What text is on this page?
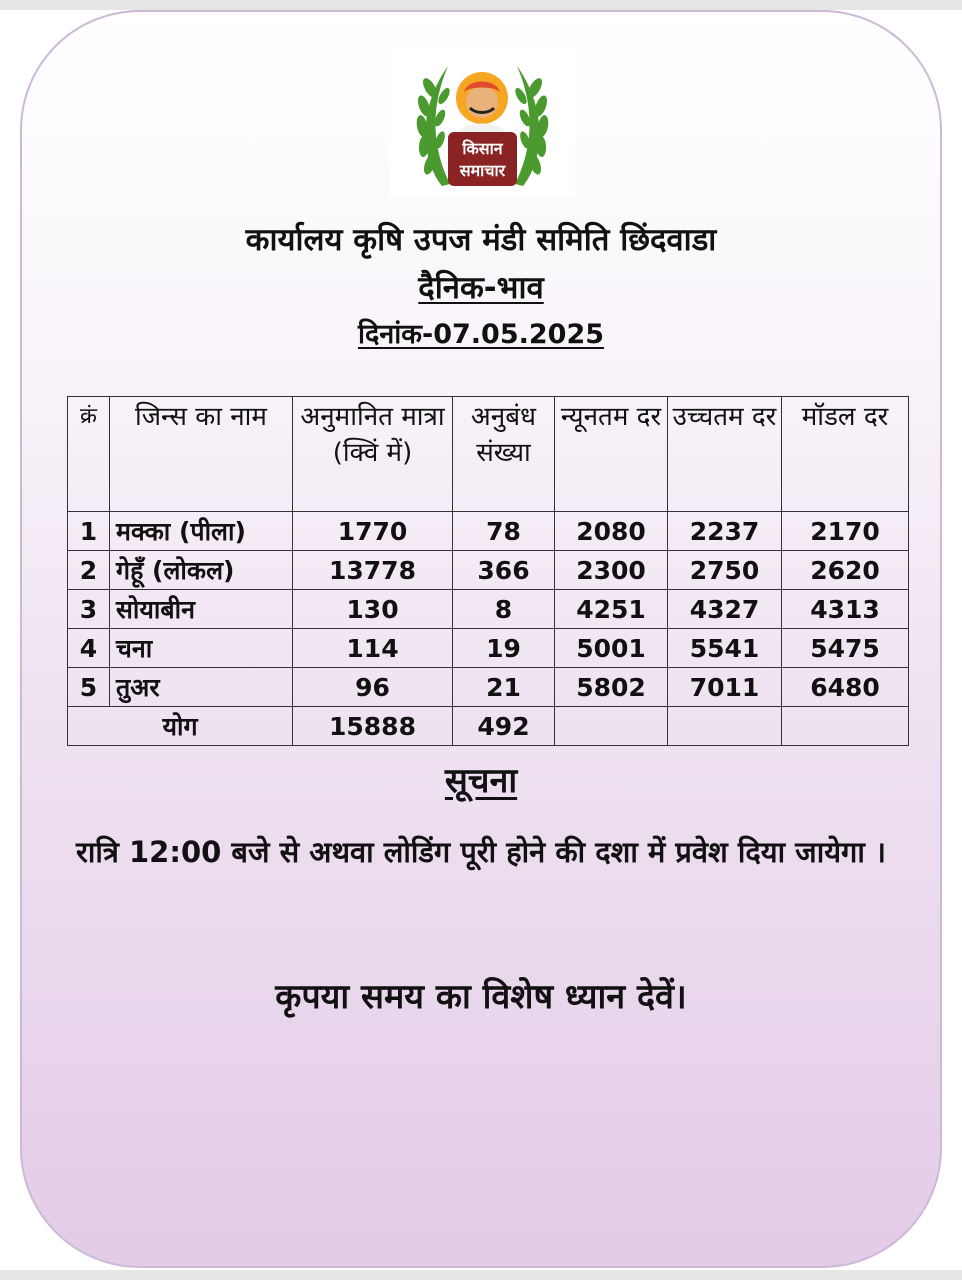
किसान
समाचार
कार्यालय कृषि उपज मंडी समिति छिंदवाडा
दैनिक-भाव
दिनांक-07.05.2025
क्रं	जिन्स का नाम	अनुमानित मात्रा (क्विं में)	अनुबंध संख्या	न्यूनतम दर	उच्चतम दर	मॉडल दर
1	मक्का (पीला)	1770	78	2080	2237	2170
2	गेहूँ (लोकल)	13778	366	2300	2750	2620
3	सोयाबीन	130	8	4251	4327	4313
4	चना	114	19	5001	5541	5475
5	तुअर	96	21	5802	7011	6480
योग		15888	492			
सूचना
रात्रि 12:00 बजे से अथवा लोडिंग पूरी होने की दशा में प्रवेश दिया जायेगा ।
कृपया समय का विशेष ध्यान देवें।
